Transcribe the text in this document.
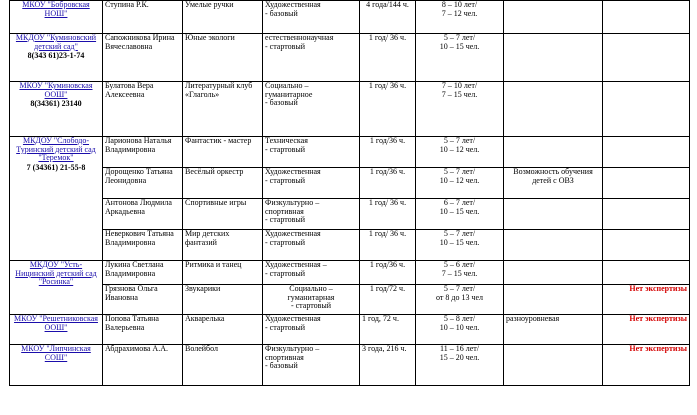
МКОУ "Бобровская НОШ"	Ступина Р.К.	Умелые ручки	Художественная
- базовый	4 года/144 ч.	8 – 10 лет/
7 – 12 чел.		

МКДОУ "Куминовский детский сад"
8(343 61)23-1-74	Сапожникова Ирина Вячеславовна	Юные экологи	естественнонаучная
- стартовый	1 год/ 36 ч.	5 – 7 лет/
10 – 15 чел.		

МКОУ "Куминовская ООШ"
8(34361) 23140	Булатова Вера Алексеевна	Литературный клуб «Глаголь»	Социально – гуманитарное
- базовый	1 год/ 36 ч.	7 – 10 лет/
7 – 15 чел.		

МКДОУ "Слободо-Туринский детский сад "Теремок"
7 (34361) 21-55-8	Ларионова Наталья Владимировна	Фантастик - мастер	Техническая
- стартовый	1 год/36 ч.	5 – 7 лет/
10 – 12 чел.		
	Дорощенко Татьяна Леонидовна	Весёлый оркестр	Художественная
- стартовый	1 год/36 ч.	5 – 7 лет/
10 – 12 чел.	Возможность обучения детей с ОВЗ	
	Антонова Людмила Аркадьевна	Спортивные игры	Физкультурно – спортивная
- стартовый	1 год/ 36 ч.	6 – 7 лет/
10 – 15 чел.		
	Неверкович Татьяна Владимировна	Мир детских фантазий	Художественная
- стартовый	1 год/ 36 ч.	5 – 7 лет/
10 – 15 чел.		

МКДОУ "Усть-Ницинский детский сад "Росинка"	Лукина Светлана Владимировна	Ритмика и танец	Художественная –
- стартовый	1 год/36 ч.	5 – 6 лет/
7 – 15 чел.		
	Грязнова Ольга Ивановна	Звукарики	Социально – гуманитарная
- стартовый	1 год/72 ч.	5 – 7 лет/
от 8 до 13 чел		Нет экспертизы

МКОУ "Решетниковская ООШ"	Попова Татьяна Валерьевна	Акварелька	Художественная
- стартовый	1 год, 72 ч.	5 – 8 лет/
10 – 10 чел.	разноуровневая	Нет экспертизы

МКОУ "Липчинская СОШ"	Абдрахимова А.А.	Волейбол	Физкультурно – спортивная
- базовый	3 года, 216 ч.	11 – 16 лет/
15 – 20 чел.		Нет экспертизы
